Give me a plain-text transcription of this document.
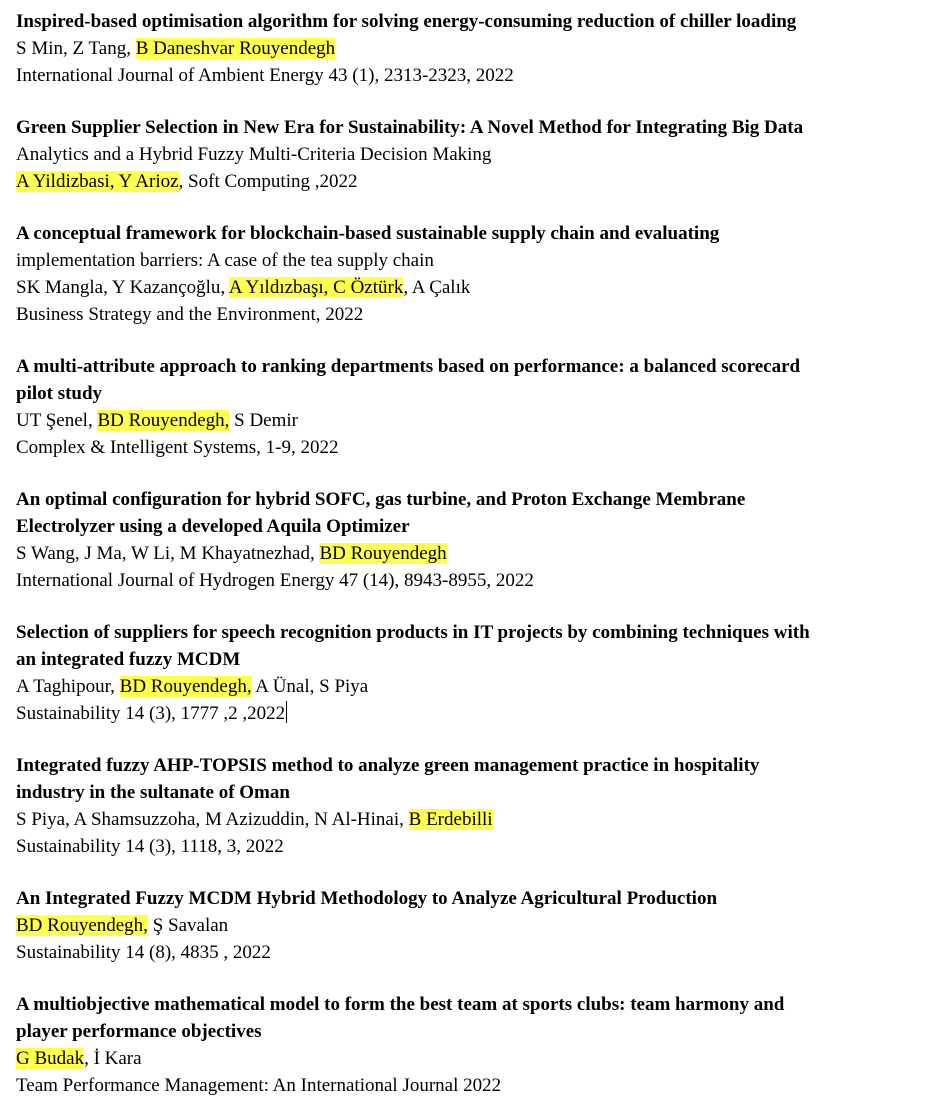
Inspired-based optimisation algorithm for solving energy-consuming reduction of chiller loading
S Min, Z Tang, B Daneshvar Rouyendegh
International Journal of Ambient Energy 43 (1), 2313-2323, 2022
Green Supplier Selection in New Era for Sustainability: A Novel Method for Integrating Big Data
Analytics and a Hybrid Fuzzy Multi-Criteria Decision Making
A Yildizbasi, Y Arioz, Soft Computing ,2022
A conceptual framework for blockchain-based sustainable supply chain and evaluating
implementation barriers: A case of the tea supply chain
SK Mangla, Y Kazançoğlu, A Yıldızbaşı, C Öztürk, A Çalık
Business Strategy and the Environment, 2022
A multi-attribute approach to ranking departments based on performance: a balanced scorecard
pilot study
UT Şenel, BD Rouyendegh, S Demir
Complex & Intelligent Systems, 1-9, 2022
An optimal configuration for hybrid SOFC, gas turbine, and Proton Exchange Membrane
Electrolyzer using a developed Aquila Optimizer
S Wang, J Ma, W Li, M Khayatnezhad, BD Rouyendegh
International Journal of Hydrogen Energy 47 (14), 8943-8955, 2022
Selection of suppliers for speech recognition products in IT projects by combining techniques with
an integrated fuzzy MCDM
A Taghipour, BD Rouyendegh, A Ünal, S Piya
Sustainability 14 (3), 1777 ,2 ,2022
Integrated fuzzy AHP-TOPSIS method to analyze green management practice in hospitality
industry in the sultanate of Oman
S Piya, A Shamsuzzoha, M Azizuddin, N Al-Hinai, B Erdebilli
Sustainability 14 (3), 1118, 3, 2022
An Integrated Fuzzy MCDM Hybrid Methodology to Analyze Agricultural Production
BD Rouyendegh, Ş Savalan
Sustainability 14 (8), 4835 , 2022
A multiobjective mathematical model to form the best team at sports clubs: team harmony and
player performance objectives
G Budak, İ Kara
Team Performance Management: An International Journal 2022
